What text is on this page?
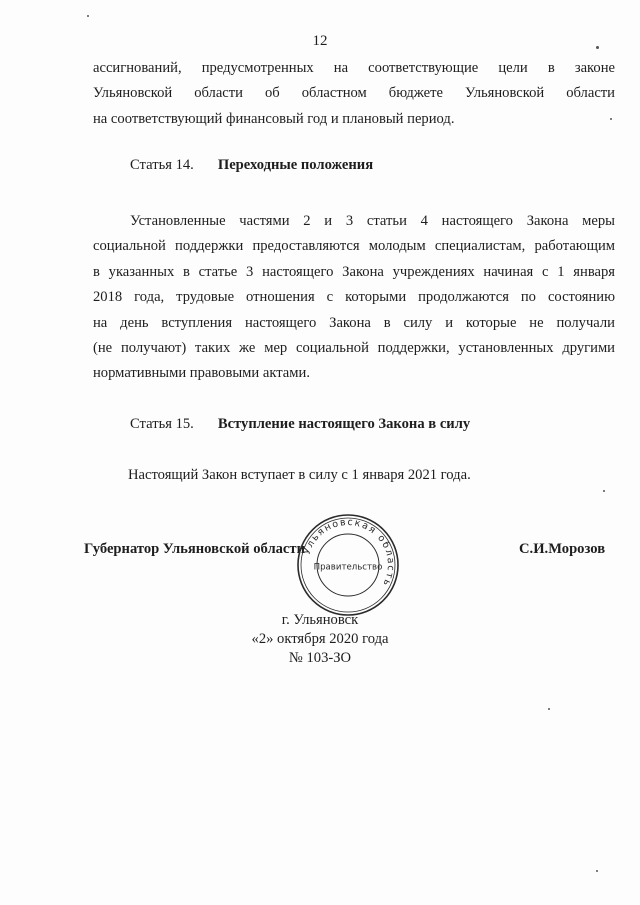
12
ассигнований, предусмотренных на соответствующие цели в законе
Ульяновской области об областном бюджете Ульяновской области
на соответствующий финансовый год и плановый период.
Статья 14. Переходные положения
Установленные частями 2 и 3 статьи 4 настоящего Закона меры
социальной поддержки предоставляются молодым специалистам, работающим
в указанных в статье 3 настоящего Закона учреждениях начиная с 1 января
2018 года, трудовые отношения с которыми продолжаются по состоянию
на день вступления настоящего Закона в силу и которые не получали
(не получают) таких же мер социальной поддержки, установленных другими
нормативными правовыми актами.
Статья 15. Вступление настоящего Закона в силу
Настоящий Закон вступает в силу с 1 января 2021 года.
Губернатор Ульяновской области	С.И.Морозов
Ульяновская область
Правительство
г. Ульяновск
«2» октября 2020 года
№ 103-ЗО
